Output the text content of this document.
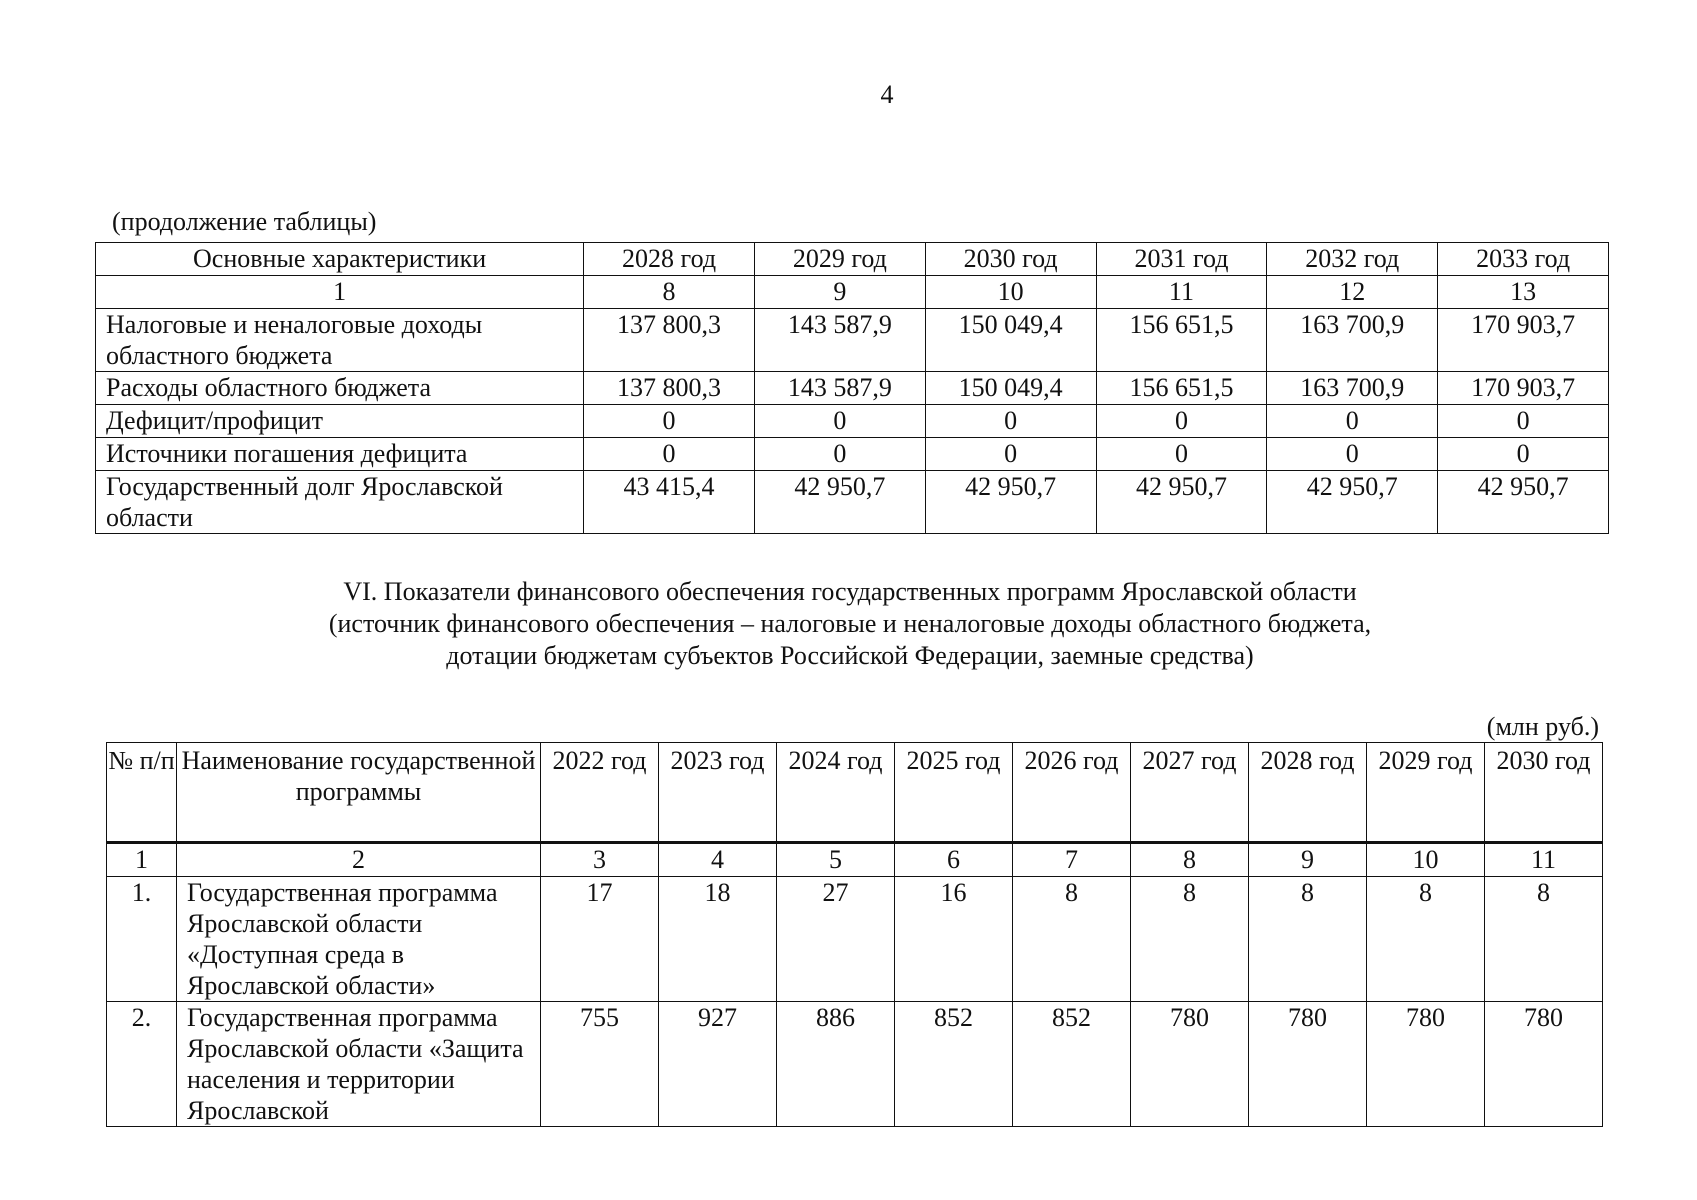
4
(продолжение таблицы)
Основные характеристики	2028 год	2029 год	2030 год	2031 год	2032 год	2033 год
1	8	9	10	11	12	13
Налоговые и неналоговые доходы областного бюджета	137 800,3	143 587,9	150 049,4	156 651,5	163 700,9	170 903,7
Расходы областного бюджета	137 800,3	143 587,9	150 049,4	156 651,5	163 700,9	170 903,7
Дефицит/профицит	0	0	0	0	0	0
Источники погашения дефицита	0	0	0	0	0	0
Государственный долг Ярославской области	43 415,4	42 950,7	42 950,7	42 950,7	42 950,7	42 950,7
VI. Показатели финансового обеспечения государственных программ Ярославской области
(источник финансового обеспечения – налоговые и неналоговые доходы областного бюджета,
дотации бюджетам субъектов Российской Федерации, заемные средства)
(млн руб.)
№ п/п	Наименование государственной программы	2022 год	2023 год	2024 год	2025 год	2026 год	2027 год	2028 год	2029 год	2030 год
1	2	3	4	5	6	7	8	9	10	11
1.	Государственная программа Ярославской области «Доступная среда в Ярославской области»	17	18	27	16	8	8	8	8	8
2.	Государственная программа Ярославской области «Защита населения и территории Ярославской	755	927	886	852	852	780	780	780	780
